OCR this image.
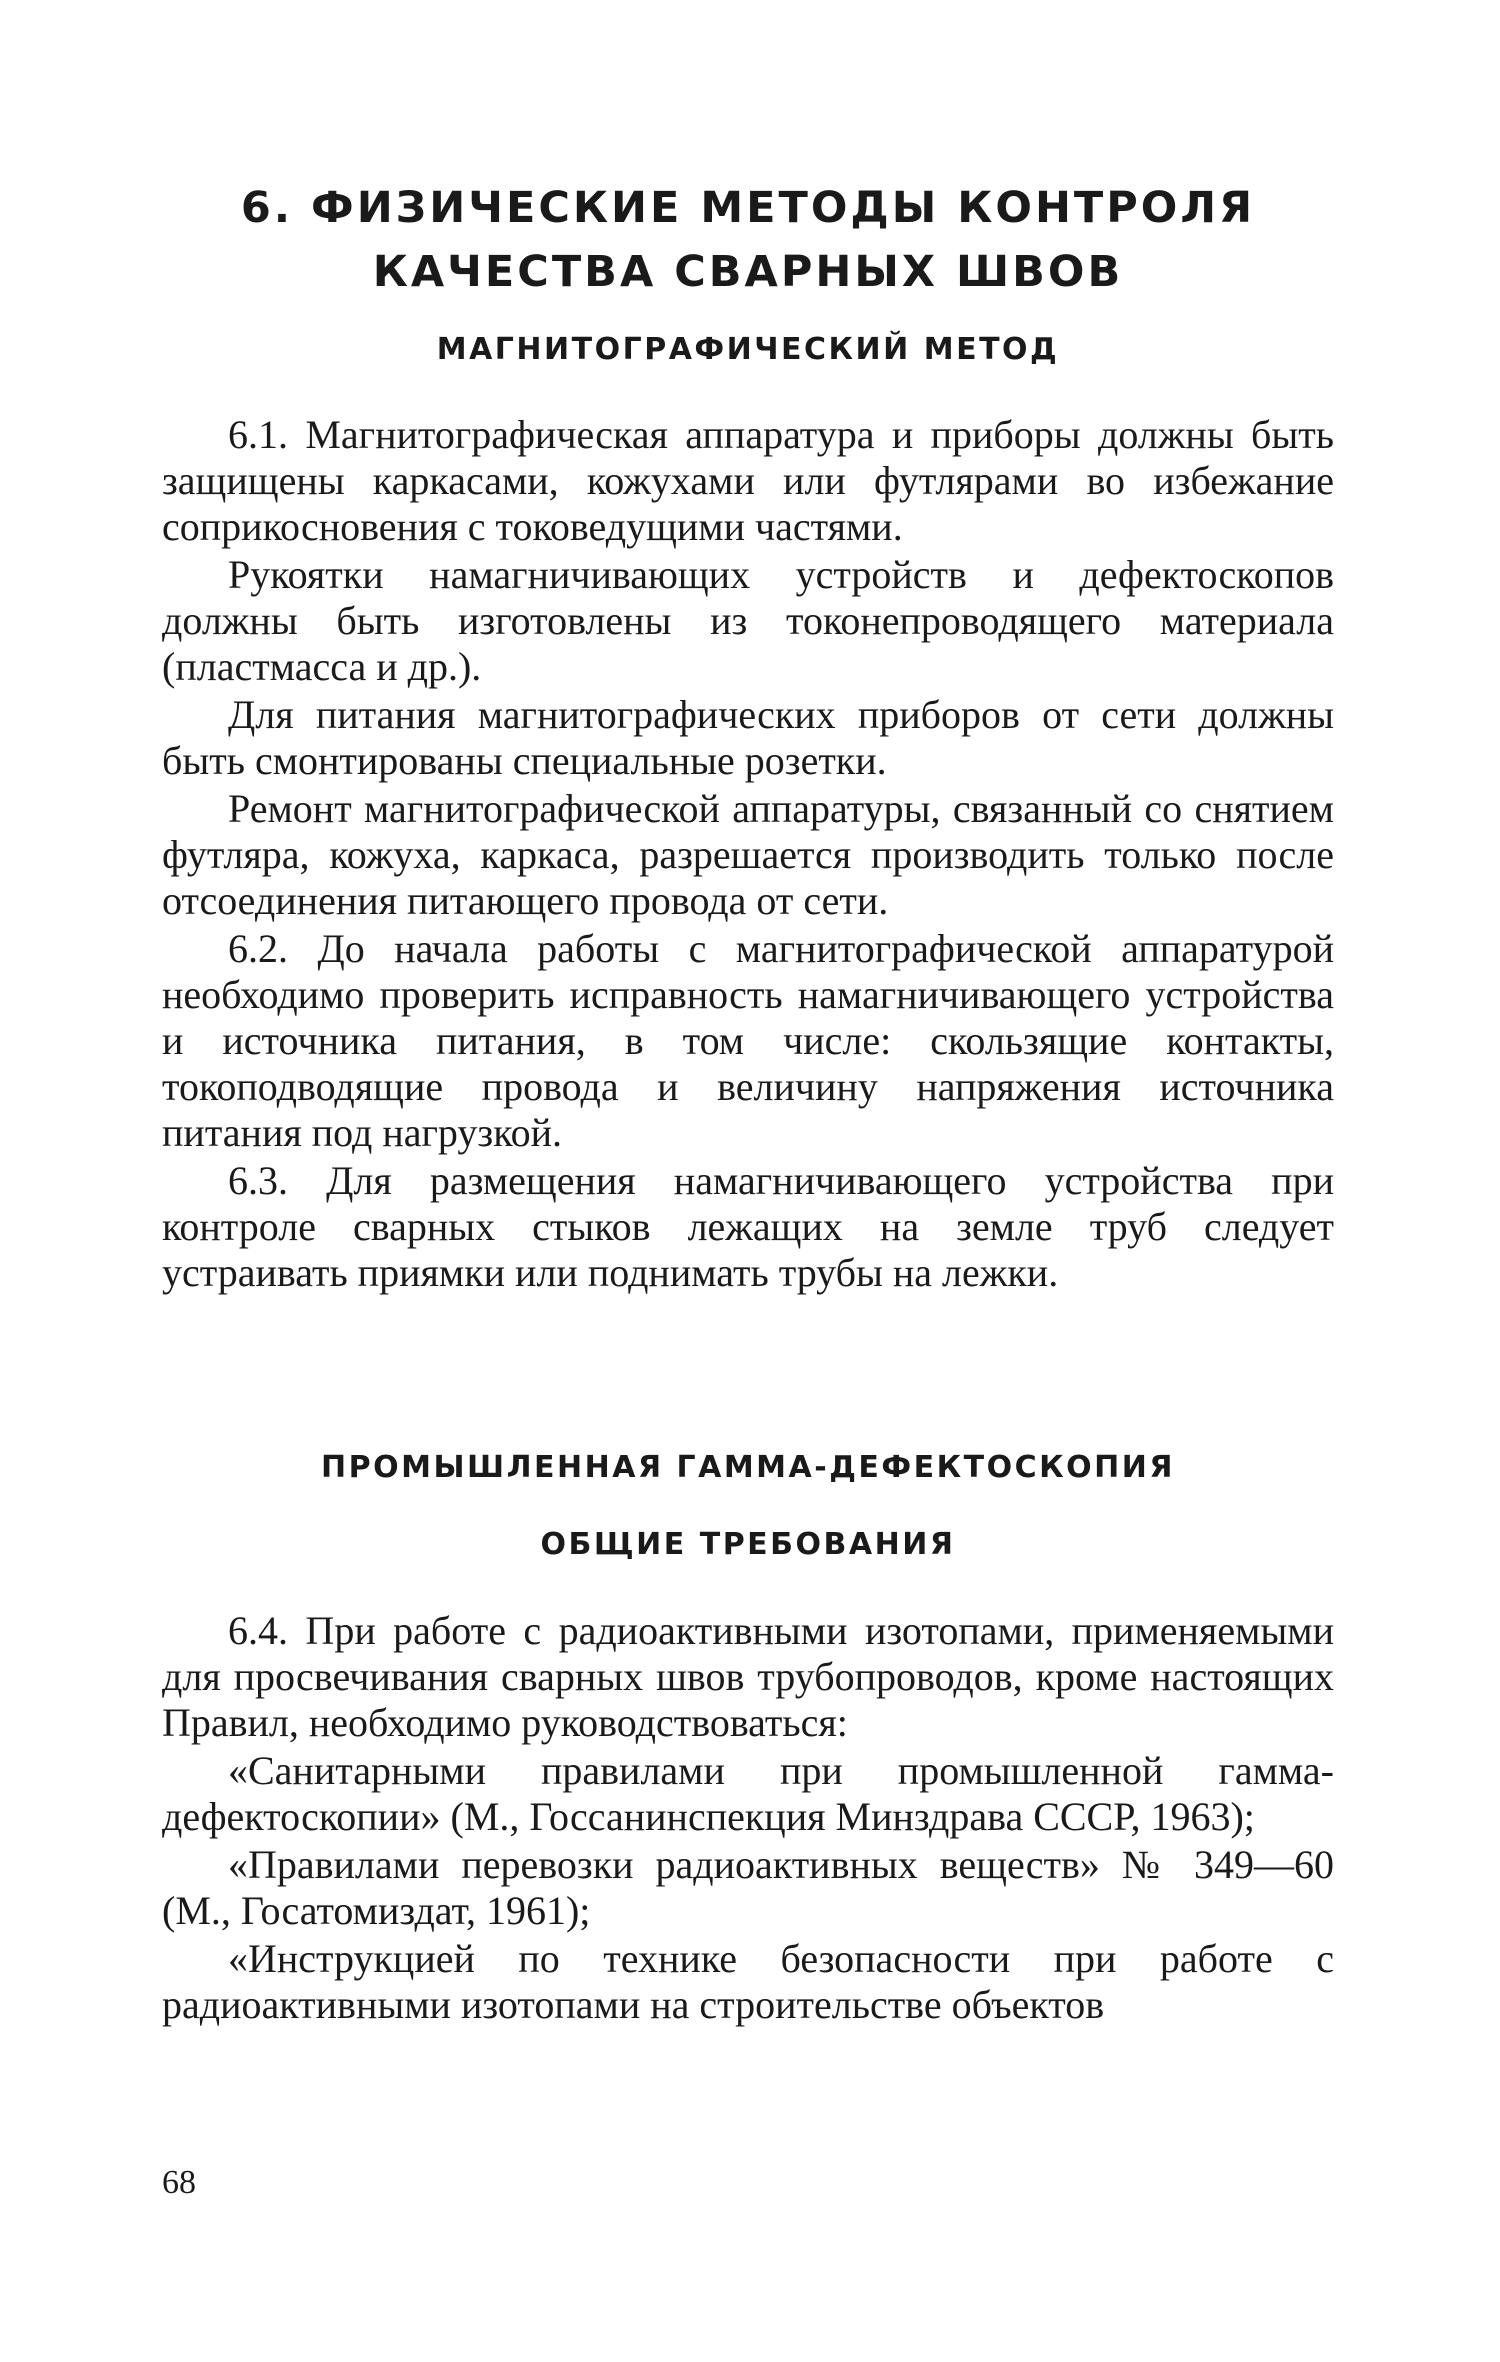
6. ФИЗИЧЕСКИЕ МЕТОДЫ КОНТРОЛЯ КАЧЕСТВА СВАРНЫХ ШВОВ
МАГНИТОГРАФИЧЕСКИЙ МЕТОД

6.1. Магнитографическая аппаратура и приборы должны быть защищены каркасами, кожухами или футлярами во избежание соприкосновения с токоведущими частями.

Рукоятки намагничивающих устройств и дефектоскопов должны быть изготовлены из токонепроводящего материала (пластмасса и др.).

Для питания магнитографических приборов от сети должны быть смонтированы специальные розетки.

Ремонт магнитографической аппаратуры, связанный со снятием футляра, кожуха, каркаса, разрешается производить только после отсоединения питающего провода от сети.

6.2. До начала работы с магнитографической аппаратурой необходимо проверить исправность намагничивающего устройства и источника питания, в том числе: скользящие контакты, токоподводящие провода и величину напряжения источника питания под нагрузкой.

6.3. Для размещения намагничивающего устройства при контроле сварных стыков лежащих на земле труб следует устраивать приямки или поднимать трубы на лежки.

ПРОМЫШЛЕННАЯ ГАММА-ДЕФЕКТОСКОПИЯ
ОБЩИЕ ТРЕБОВАНИЯ

6.4. При работе с радиоактивными изотопами, применяемыми для просвечивания сварных швов трубопроводов, кроме настоящих Правил, необходимо руководствоваться:

«Санитарными правилами при промышленной гаммадефектоскопии» (М., Госсанинспекция Минздрава СССР, 1963);

«Правилами перевозки радиоактивных веществ» № 349—60 (М., Госатомиздат, 1961);

«Инструкцией по технике безопасности при работе с радиоактивными изотопами на строительстве объектов

68
